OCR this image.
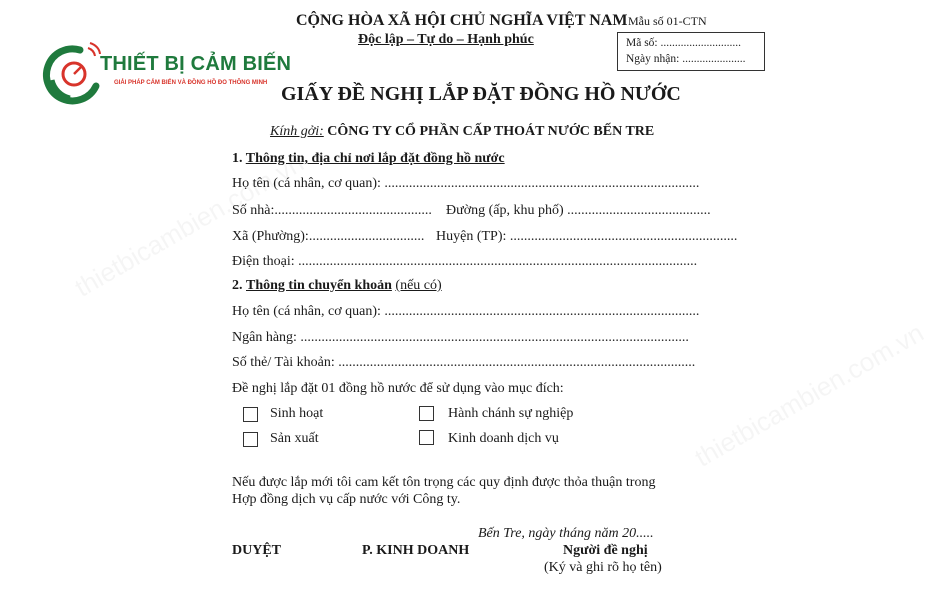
THIẾT BỊ CẢM BIẾN
GIẢI PHÁP CẢM BIẾN VÀ ĐỒNG HỒ ĐO THÔNG MINH
CỘNG HÒA XÃ HỘI CHỦ NGHĨA VIỆT NAM
Độc lập – Tự do – Hạnh phúc
Mẫu số 01-CTN
Mã số: ............................
Ngày nhận: ......................
GIẤY ĐỀ NGHỊ LẮP ĐẶT ĐỒNG HỒ NƯỚC
Kính gởi: CÔNG TY CỔ PHẦN CẤP THOÁT NƯỚC BẾN TRE
1. Thông tin, địa chỉ nơi lắp đặt đồng hồ nước
Họ tên (cá nhân, cơ quan): ..........................................................................................
Số nhà:............................................. Đường (ấp, khu phố) .........................................
Xã (Phường):................................. Huyện (TP): .................................................................
Điện thoại: ..................................................................................................................
2. Thông tin chuyển khoản (nếu có)
Họ tên (cá nhân, cơ quan): ..........................................................................................
Ngân hàng: ...............................................................................................................
Số thẻ/ Tài khoản: ......................................................................................................
Đề nghị lắp đặt 01 đồng hồ nước để sử dụng vào mục đích:
Sinh hoạt	Hành chánh sự nghiệp
Sản xuất	Kinh doanh dịch vụ
Nếu được lắp mới tôi cam kết tôn trọng các quy định được thỏa thuận trong
Hợp đồng dịch vụ cấp nước với Công ty.
Bến Tre, ngày tháng năm 20.....
DUYỆT	P. KINH DOANH	Người đề nghị
(Ký và ghi rõ họ tên)
